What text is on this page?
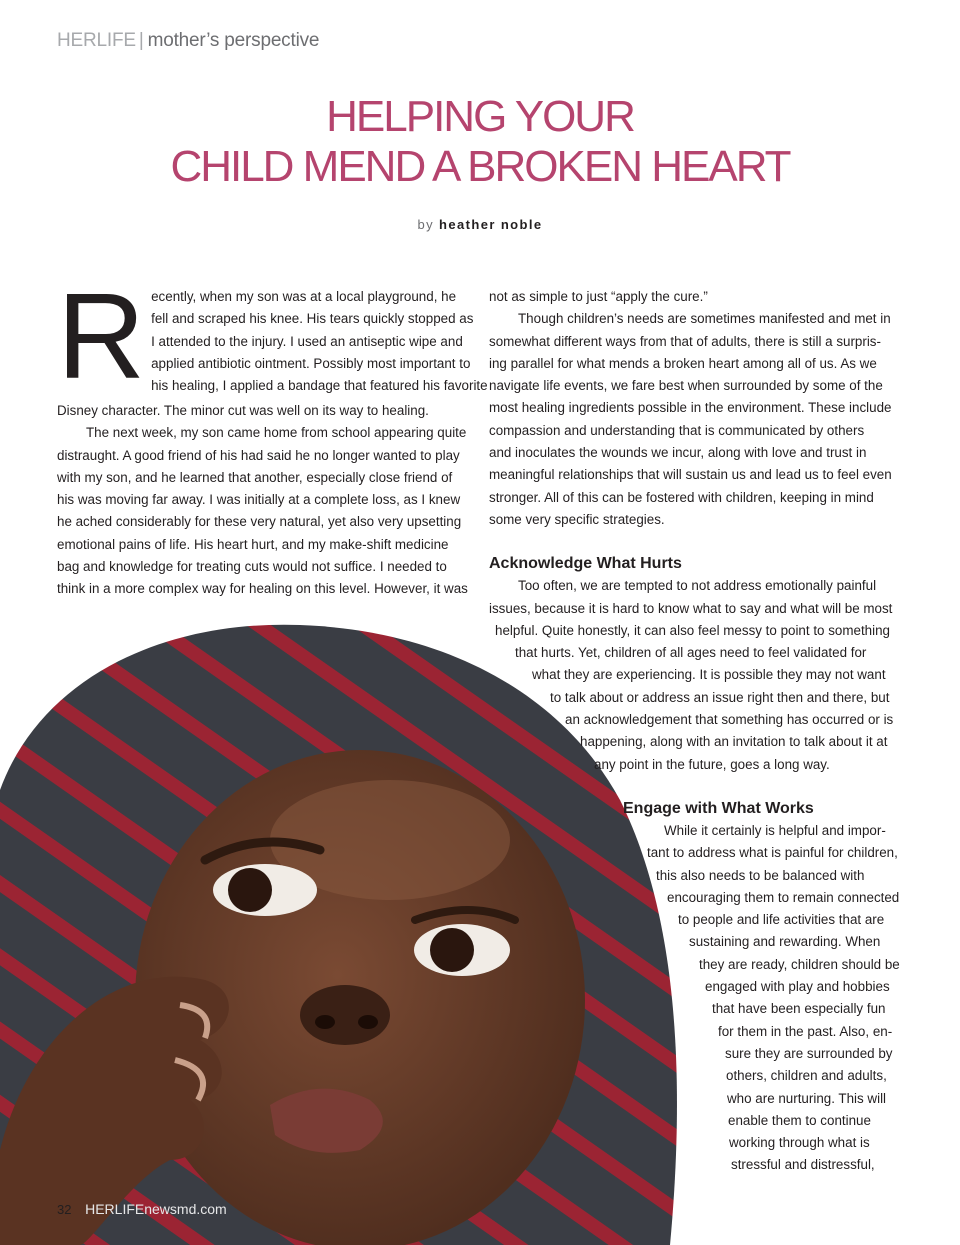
HERLIFE | mother’s perspective
HELPING YOUR
CHILD MEND A BROKEN HEART
by heather noble
R ecently, when my son was at a local playground, he
fell and scraped his knee. His tears quickly stopped as
I attended to the injury. I used an antiseptic wipe and
applied antibiotic ointment. Possibly most important to
his healing, I applied a bandage that featured his favorite
Disney character. The minor cut was well on its way to healing.

The next week, my son came home from school appearing quite
distraught. A good friend of his had said he no longer wanted to play
with my son, and he learned that another, especially close friend of
his was moving far away. I was initially at a complete loss, as I knew
he ached considerably for these very natural, yet also very upsetting
emotional pains of life. His heart hurt, and my make-shift medicine
bag and knowledge for treating cuts would not suffice. I needed to
think in a more complex way for healing on this level. However, it was

not as simple to just “apply the cure.”

Though children’s needs are sometimes manifested and met in
somewhat different ways from that of adults, there is still a surpris-
ing parallel for what mends a broken heart among all of us. As we
navigate life events, we fare best when surrounded by some of the
most healing ingredients possible in the environment. These include
compassion and understanding that is communicated by others
and inoculates the wounds we incur, along with love and trust in
meaningful relationships that will sustain us and lead us to feel even
stronger. All of this can be fostered with children, keeping in mind
some very specific strategies.

Acknowledge What Hurts

Too often, we are tempted to not address emotionally painful
issues, because it is hard to know what to say and what will be most
helpful. Quite honestly, it can also feel messy to point to something
that hurts. Yet, children of all ages need to feel validated for
what they are experiencing. It is possible they may not want
to talk about or address an issue right then and there, but
an acknowledgement that something has occurred or is
happening, along with an invitation to talk about it at
any point in the future, goes a long way.

Engage with What Works

While it certainly is helpful and impor-
tant to address what is painful for children,
this also needs to be balanced with
encouraging them to remain connected
to people and life activities that are
sustaining and rewarding. When
they are ready, children should be
engaged with play and hobbies
that have been especially fun
for them in the past. Also, en-
sure they are surrounded by
others, children and adults,
who are nurturing. This will
enable them to continue
working through what is
stressful and distressful,

32 HERLIFEnewsmd.com
